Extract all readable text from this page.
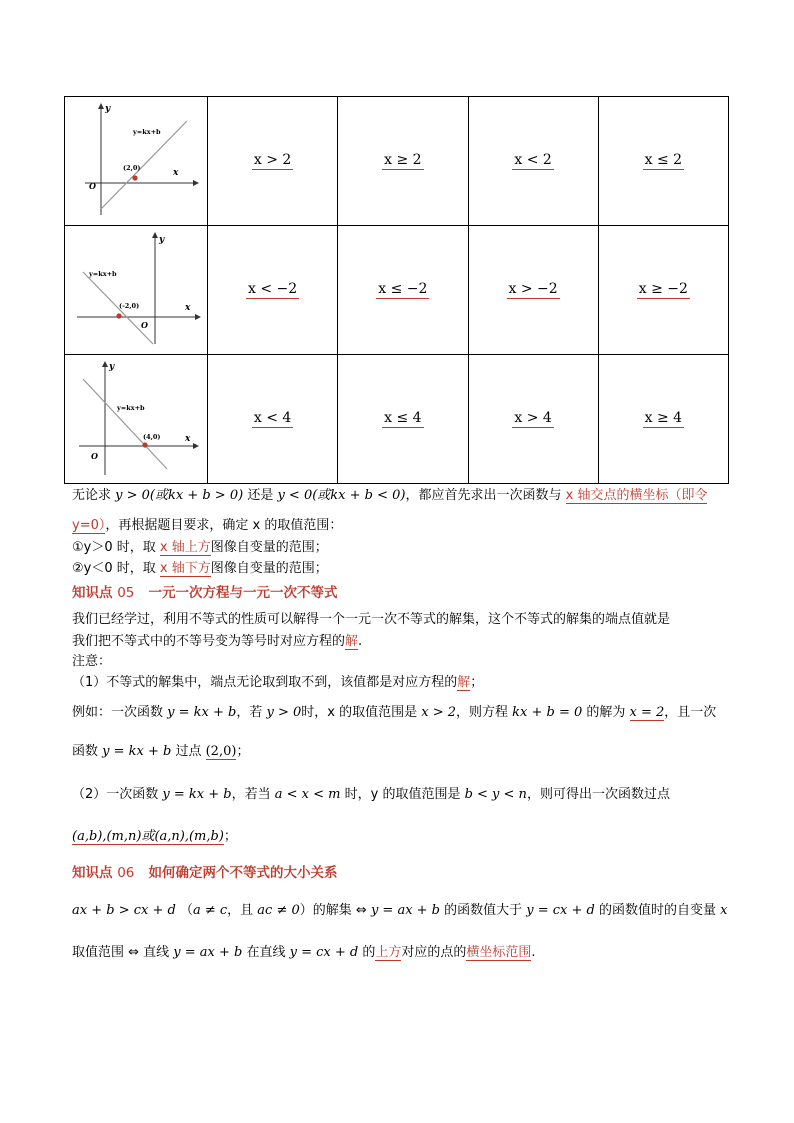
y
x
O
y=kx+b
(2,0)	x > 2	x ≥ 2	x < 2	x ≤ 2

y
x
O
y=kx+b
(-2,0)	x < −2	x ≤ −2	x > −2	x ≥ −2

y
x
O
y=kx+b
(4,0)	x < 4	x ≤ 4	x > 4	x ≥ 4
无论求 y > 0(或kx + b > 0) 还是 y < 0(或kx + b < 0)，都应首先求出一次函数与 x 轴交点的横坐标（即令
y=0），再根据题目要求，确定 x 的取值范围：
①y＞0 时，取 x 轴上方图像自变量的范围；
②y＜0 时，取 x 轴下方图像自变量的范围；
知识点 05 一元一次方程与一元一次不等式
我们已经学过，利用不等式的性质可以解得一个一元一次不等式的解集，这个不等式的解集的端点值就是
我们把不等式中的不等号变为等号时对应方程的解.
注意：
（1）不等式的解集中，端点无论取到取不到，该值都是对应方程的解；
例如：一次函数 y = kx + b，若 y > 0时，x 的取值范围是 x > 2，则方程 kx + b = 0 的解为 x = 2，且一次
函数 y = kx + b 过点 (2,0)；
（2）一次函数 y = kx + b，若当 a < x < m 时，y 的取值范围是 b < y < n，则可得出一次函数过点
(a,b),(m,n)或(a,n),(m,b)；
知识点 06 如何确定两个不等式的大小关系
ax + b > cx + d （a ≠ c，且 ac ≠ 0）的解集 ⇔ y = ax + b 的函数值大于 y = cx + d 的函数值时的自变量 x
取值范围 ⇔ 直线 y = ax + b 在直线 y = cx + d 的上方对应的点的横坐标范围.
